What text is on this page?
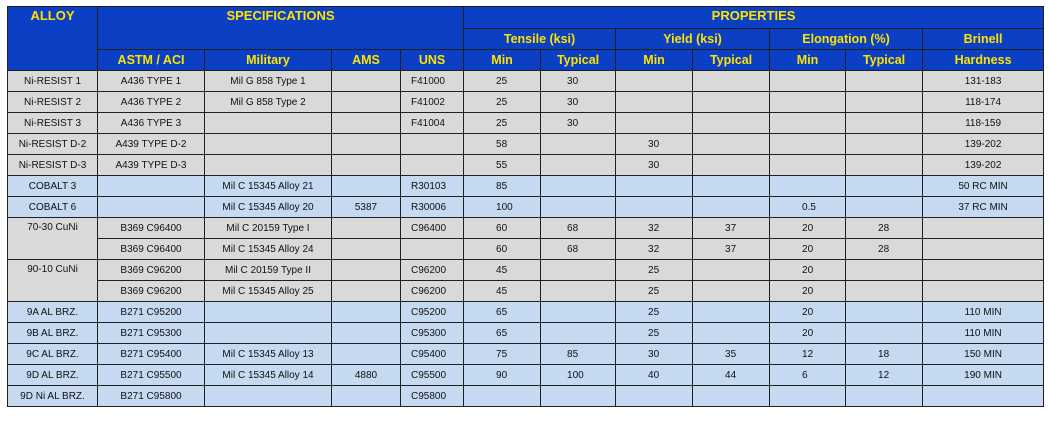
ALLOY	SPECIFICATIONS				PROPERTIES						
					Tensile (ksi)		Yield (ksi)		Elongation (%)		Brinell
	ASTM / ACI	Military	AMS	UNS	Min	Typical	Min	Typical	Min	Typical	Hardness
Ni-RESIST 1	A436 TYPE 1	Mil G 858 Type 1		F41000	25	30					131-183
Ni-RESIST 2	A436 TYPE 2	Mil G 858 Type 2		F41002	25	30					118-174
Ni-RESIST 3	A436 TYPE 3			F41004	25	30					118-159
Ni-RESIST D-2	A439 TYPE D-2				58		30				139-202
Ni-RESIST D-3	A439 TYPE D-3				55		30				139-202
COBALT 3		Mil C 15345 Alloy 21		R30103	85						50 RC MIN
COBALT 6		Mil C 15345 Alloy 20	5387	R30006	100				0.5		37 RC MIN
70-30 CuNi	B369 C96400	Mil C 20159 Type I		C96400	60	68	32	37	20	28	
	B369 C96400	Mil C 15345 Alloy 24			60	68	32	37	20	28	
90-10 CuNi	B369 C96200	Mil C 20159 Type II		C96200	45		25		20		
	B369 C96200	Mil C 15345 Alloy 25		C96200	45		25		20		
9A AL BRZ.	B271 C95200			C95200	65		25		20		110 MIN
9B AL BRZ.	B271 C95300			C95300	65		25		20		110 MIN
9C AL BRZ.	B271 C95400	Mil C 15345 Alloy 13		C95400	75	85	30	35	12	18	150 MIN
9D AL BRZ.	B271 C95500	Mil C 15345 Alloy 14	4880	C95500	90	100	40	44	6	12	190 MIN
9D Ni AL BRZ.	B271 C95800			C95800							
